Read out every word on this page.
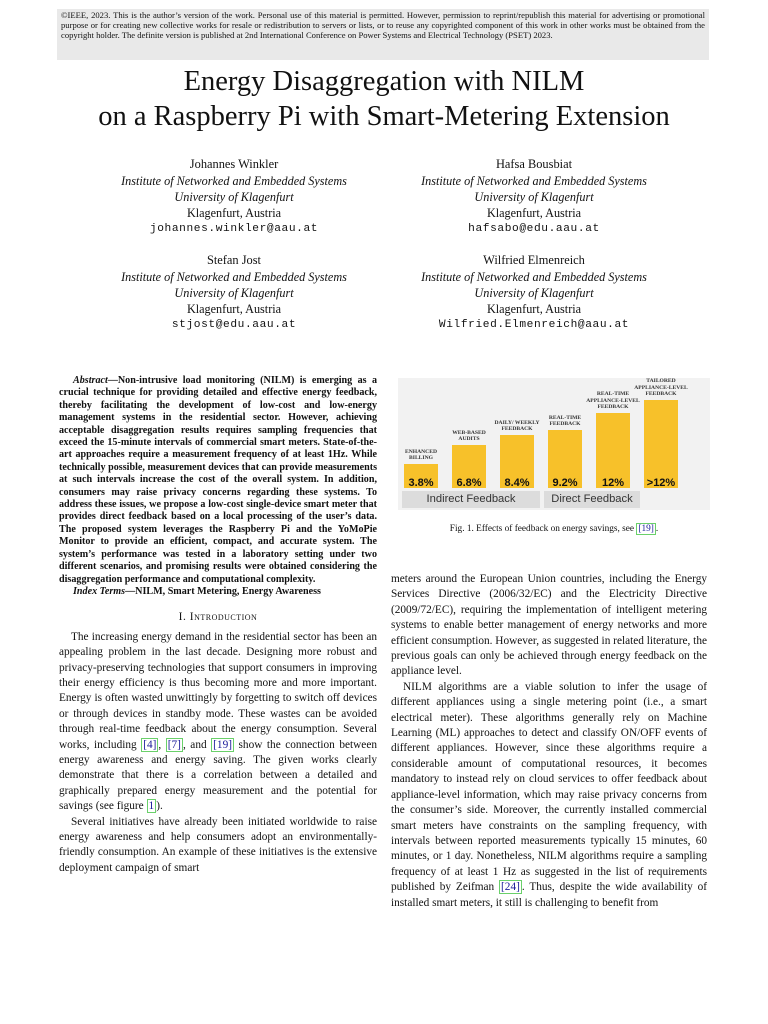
©IEEE, 2023. This is the author’s version of the work. Personal use of this material is permitted. However, permission to reprint/republish this material for advertising or promotional purpose or for creating new collective works for resale or redistribution to servers or lists, or to reuse any copyrighted component of this work in other works must be obtained from the copyright holder. The definite version is published at 2nd International Conference on Power Systems and Electrical Technology (PSET) 2023.
Energy Disaggregation with NILM
on a Raspberry Pi with Smart-Metering Extension
Johannes Winkler
Institute of Networked and Embedded Systems
University of Klagenfurt
Klagenfurt, Austria
johannes.winkler@aau.at
Hafsa Bousbiat
Institute of Networked and Embedded Systems
University of Klagenfurt
Klagenfurt, Austria
hafsabo@edu.aau.at
Stefan Jost
Institute of Networked and Embedded Systems
University of Klagenfurt
Klagenfurt, Austria
stjost@edu.aau.at
Wilfried Elmenreich
Institute of Networked and Embedded Systems
University of Klagenfurt
Klagenfurt, Austria
Wilfried.Elmenreich@aau.at
Abstract—Non-intrusive load monitoring (NILM) is emerging as a crucial technique for providing detailed and effective energy feedback, thereby facilitating the development of low-cost and low-energy management systems in the residential sector. However, achieving acceptable disaggregation results requires sampling frequencies that exceed the 15-minute intervals of commercial smart meters. State-of-the-art approaches require a measurement frequency of at least 1Hz. While technically possible, measurement devices that can provide measurements at such intervals increase the cost of the overall system. In addition, consumers may raise privacy concerns regarding these systems. To address these issues, we propose a low-cost single-device smart meter that provides direct feedback based on a local processing of the user’s data. The proposed system leverages the Raspberry Pi and the YoMoPie Monitor to provide an efficient, compact, and accurate system. The system’s performance was tested in a laboratory setting under two different scenarios, and promising results were obtained considering the disaggregation performance and computational complexity.
Index Terms—NILM, Smart Metering, Energy Awareness
I. Introduction

The increasing energy demand in the residential sector has been an appealing problem in the last decade. Designing more robust and privacy-preserving technologies that support consumers in improving their energy efficiency is thus becoming more and more important. Energy is often wasted unwittingly by forgetting to switch off devices or through devices in standby mode. These wastes can be avoided through real-time feedback about the energy consumption. Several works, including [4] , [7] , and [19] show the connection between energy awareness and energy saving. The given works clearly demonstrate that there is a correlation between a detailed and graphically prepared energy measurement and the potential for savings (see figure 1 ).

Several initiatives have already been initiated worldwide to raise energy awareness and help consumers adopt an environmentally-friendly consumption. An example of these initiatives is the extensive deployment campaign of smart

3.8%
ENHANCED
BILLING
6.8%
WEB-BASED
AUDITS
8.4%
DAILY/ WEEKLY
FEEDBACK
9.2%
REAL-TIME
FEEDBACK
12%
REAL-TIME
APPLIANCE-LEVEL
FEEDBACK
>12%
TAILORED
APPLIANCE-LEVEL
FEEDBACK
Indirect Feedback	Direct Feedback
Fig. 1. Effects of feedback on energy savings, see [19] .

meters around the European Union countries, including the Energy Services Directive (2006/32/EC) and the Electricity Directive (2009/72/EC), requiring the implementation of intelligent metering systems to enable better management of energy networks and more efficient consumption. However, as suggested in related literature, the previous goals can only be achieved through energy feedback on the appliance level.

NILM algorithms are a viable solution to infer the usage of different appliances using a single metering point (i.e., a smart electrical meter). These algorithms generally rely on Machine Learning (ML) approaches to detect and classify ON/OFF events of different appliances. However, since these algorithms require a considerable amount of computational resources, it becomes mandatory to instead rely on cloud services to offer feedback about appliance-level information, which may raise privacy concerns from the consumer’s side. Moreover, the currently installed commercial smart meters have constraints on the sampling frequency, with intervals between reported measurements typically 15 minutes, 60 minutes, or 1 day. Nonetheless, NILM algorithms require a sampling frequency of at least 1 Hz as suggested in the list of requirements published by Zeifman [24] . Thus, despite the wide availability of installed smart meters, it still is challenging to benefit from
